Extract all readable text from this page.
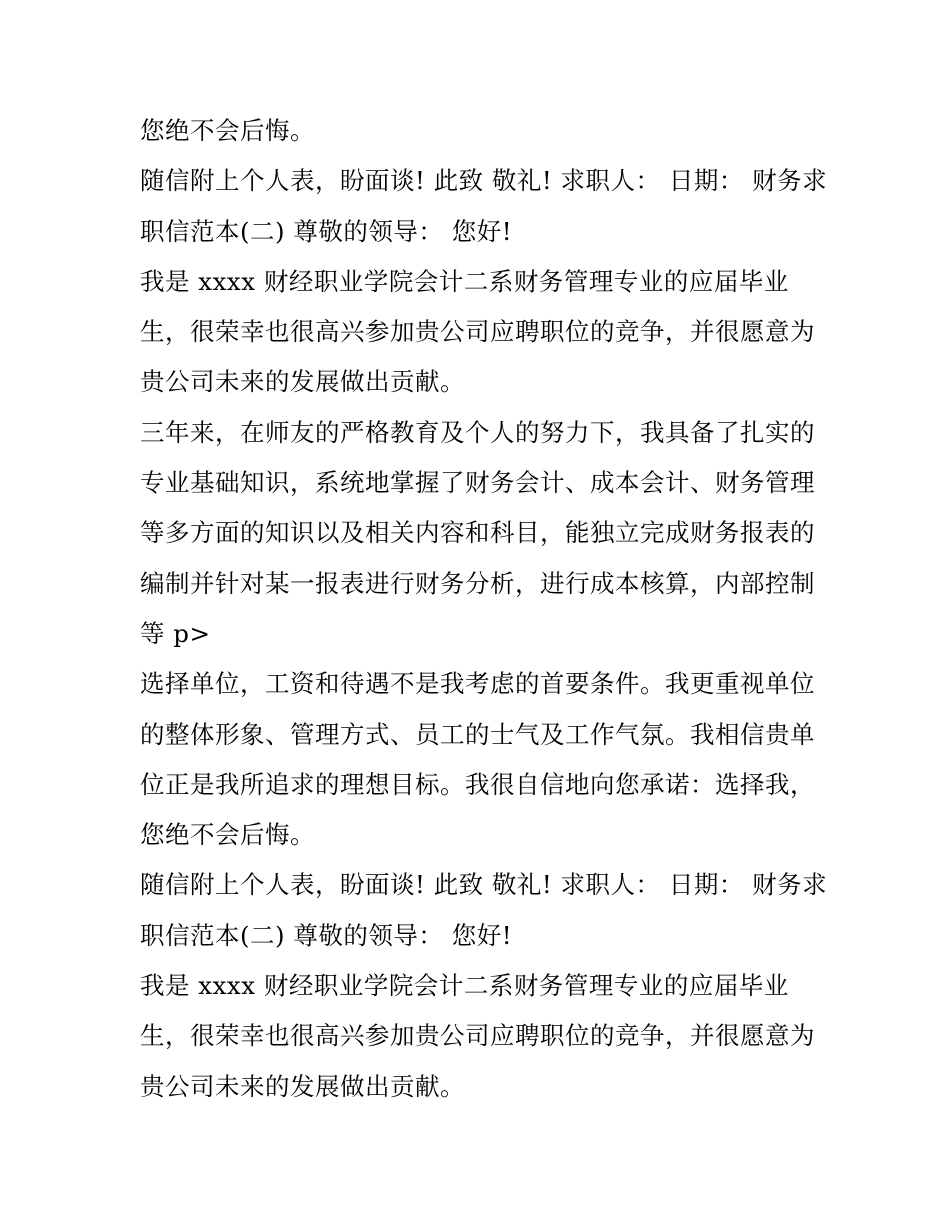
您绝不会后悔。
随信附上个人表，盼面谈! 此致 敬礼! 求职人： 日期： 财务求
职信范本(二) 尊敬的领导： 您好!
我是 xxxx 财经职业学院会计二系财务管理专业的应届毕业
生，很荣幸也很高兴参加贵公司应聘职位的竞争，并很愿意为
贵公司未来的发展做出贡献。
三年来，在师友的严格教育及个人的努力下，我具备了扎实的
专业基础知识，系统地掌握了财务会计、成本会计、财务管理
等多方面的知识以及相关内容和科目，能独立完成财务报表的
编制并针对某一报表进行财务分析，进行成本核算，内部控制
等 p>
选择单位，工资和待遇不是我考虑的首要条件。我更重视单位
的整体形象、管理方式、员工的士气及工作气氛。我相信贵单
位正是我所追求的理想目标。我很自信地向您承诺：选择我，
您绝不会后悔。
随信附上个人表，盼面谈! 此致 敬礼! 求职人： 日期： 财务求
职信范本(二) 尊敬的领导： 您好!
我是 xxxx 财经职业学院会计二系财务管理专业的应届毕业
生，很荣幸也很高兴参加贵公司应聘职位的竞争，并很愿意为
贵公司未来的发展做出贡献。
